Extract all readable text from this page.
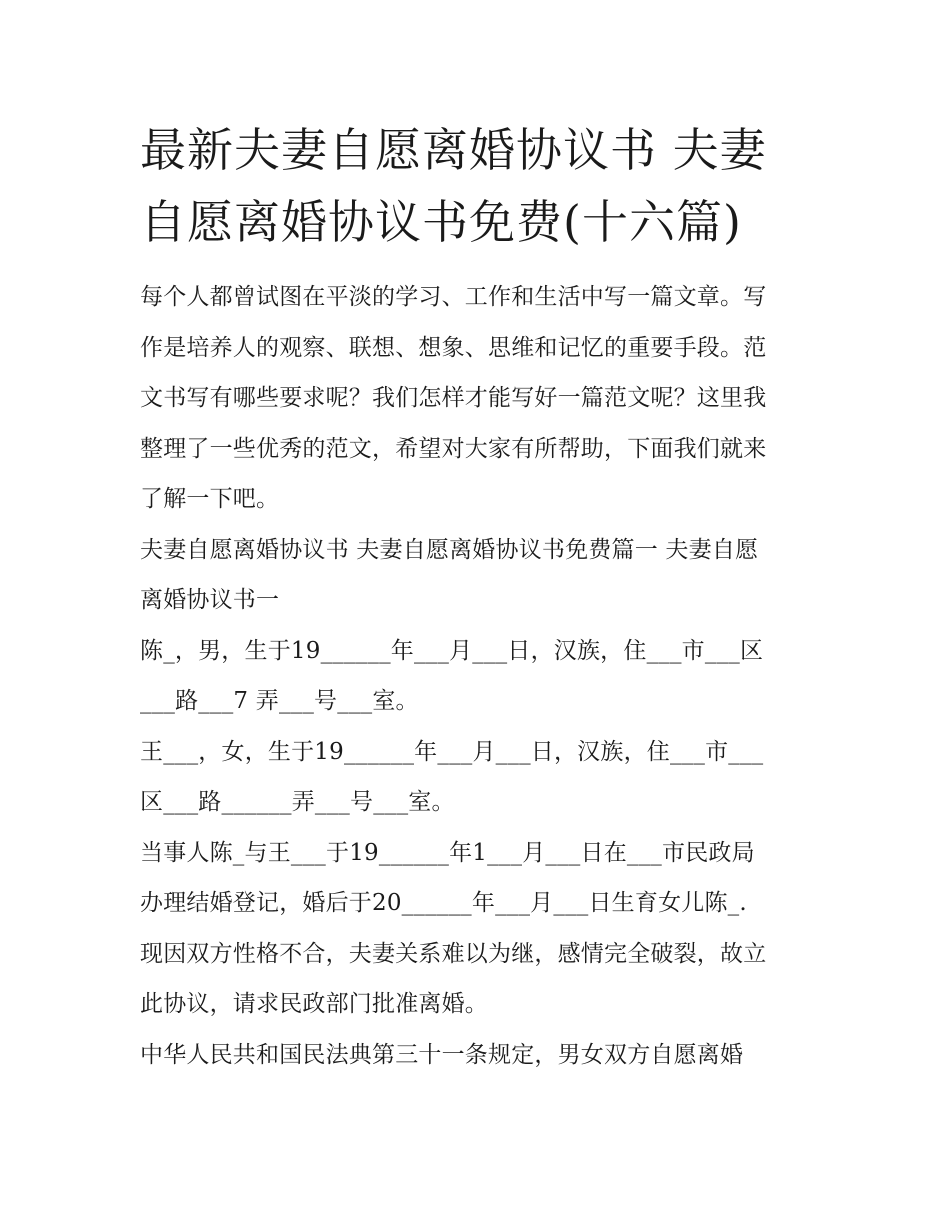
最新夫妻自愿离婚协议书 夫妻
自愿离婚协议书免费(十六篇)
每个人都曾试图在平淡的学习、工作和生活中写一篇文章。写
作是培养人的观察、联想、想象、思维和记忆的重要手段。范
文书写有哪些要求呢？我们怎样才能写好一篇范文呢？这里我
整理了一些优秀的范文，希望对大家有所帮助，下面我们就来
了解一下吧。
夫妻自愿离婚协议书 夫妻自愿离婚协议书免费篇一 夫妻自愿
离婚协议书一
陈_，男，生于19______年___月___日，汉族，住___市___区
___路___7 弄___号___室。
王___，女，生于19______年___月___日，汉族，住___市___
区___路______弄___号___室。
当事人陈_与王___于19______年1___月___日在___市民政局
办理结婚登记，婚后于20______年___月___日生育女儿陈_.
现因双方性格不合，夫妻关系难以为继，感情完全破裂，故立
此协议，请求民政部门批准离婚。
中华人民共和国民法典第三十一条规定，男女双方自愿离婚
